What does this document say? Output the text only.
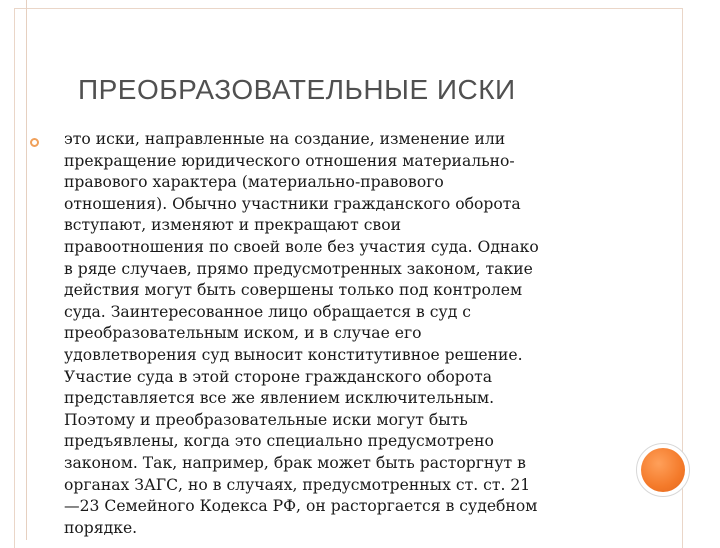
ПРЕОБРАЗОВАТЕЛЬНЫЕ ИСКИ
это иски, направленные на создание, изменение или
прекращение юридического отношения материально-
правового характера (материально-правового
отношения). Обычно участники гражданского оборота
вступают, изменяют и прекращают свои
правоотношения по своей воле без участия суда. Однако
в ряде случаев, прямо предусмотренных законом, такие
действия могут быть совершены только под контролем
суда. Заинтересованное лицо обращается в суд с
преобразовательным иском, и в случае его
удовлетворения суд выносит конститутивное решение.
Участие суда в этой стороне гражданского оборота
представляется все же явлением исключительным.
Поэтому и преобразовательные иски могут быть
предъявлены, когда это специально предусмотрено
законом. Так, например, брак может быть расторгнут в
органах ЗАГС, но в случаях, предусмотренных ст. ст. 21
—23 Семейного Кодекса РФ, он расторгается в судебном
порядке.
